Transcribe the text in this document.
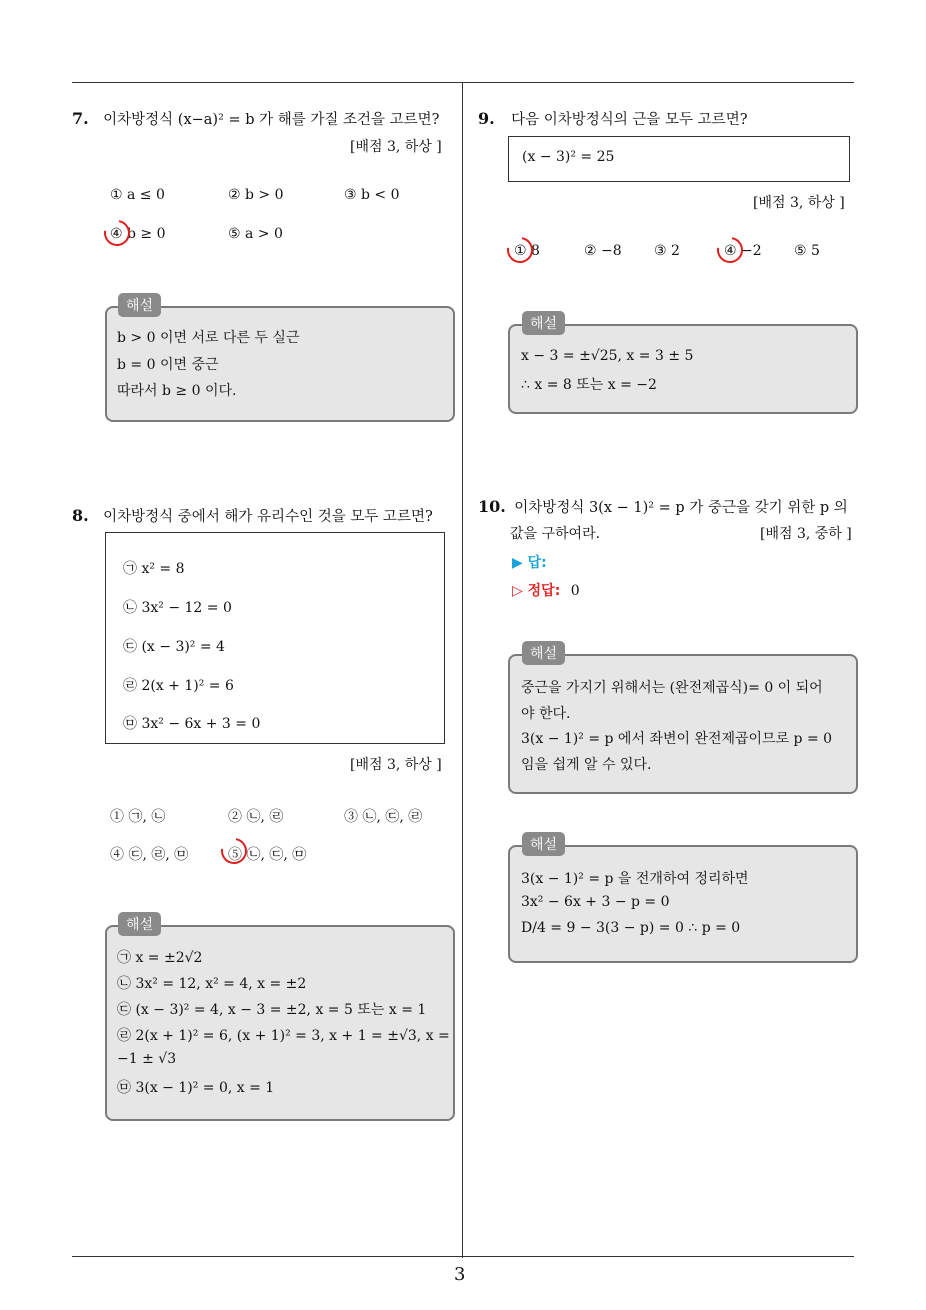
7. 이차방정식 (x−a)² = b 가 해를 가질 조건을 고르면?
[배점 3, 하상 ]
① a ≤ 0	② b > 0	③ b < 0
④ b ≥ 0	⑤ a > 0
해설
b > 0 이면 서로 다른 두 실근
b = 0 이면 중근
따라서 b ≥ 0 이다.
8. 이차방정식 중에서 해가 유리수인 것을 모두 고르면?
㉠ x² = 8
㉡ 3x² − 12 = 0
㉢ (x − 3)² = 4
㉣ 2(x + 1)² = 6
㉤ 3x² − 6x + 3 = 0
[배점 3, 하상 ]
① ㉠, ㉡	② ㉡, ㉣	③ ㉡, ㉢, ㉣
④ ㉢, ㉣, ㉤	⑤ ㉡, ㉢, ㉤
해설
㉠ x = ±2√2
㉡ 3x² = 12, x² = 4, x = ±2
㉢ (x − 3)² = 4, x − 3 = ±2, x = 5 또는 x = 1
㉣ 2(x + 1)² = 6, (x + 1)² = 3, x + 1 = ±√3, x =
−1 ± √3
㉤ 3(x − 1)² = 0, x = 1
9. 다음 이차방정식의 근을 모두 고르면?
(x − 3)² = 25
[배점 3, 하상 ]
① 8	② −8 ③ 2	④ −2 ⑤ 5
해설
x − 3 = ±√25, x = 3 ± 5
∴ x = 8 또는 x = −2
10. 이차방정식 3(x − 1)² = p 가 중근을 갖기 위한 p 의
값을 구하여라.	[배점 3, 중하 ]
▶ 답:
▷ 정답: 0
해설
중근을 가지기 위해서는 (완전제곱식)= 0 이 되어
야 한다.
3(x − 1)² = p 에서 좌변이 완전제곱이므로 p = 0
임을 쉽게 알 수 있다.
해설
3(x − 1)² = p 을 전개하여 정리하면
3x² − 6x + 3 − p = 0
D/4 = 9 − 3(3 − p) = 0 ∴ p = 0
3
